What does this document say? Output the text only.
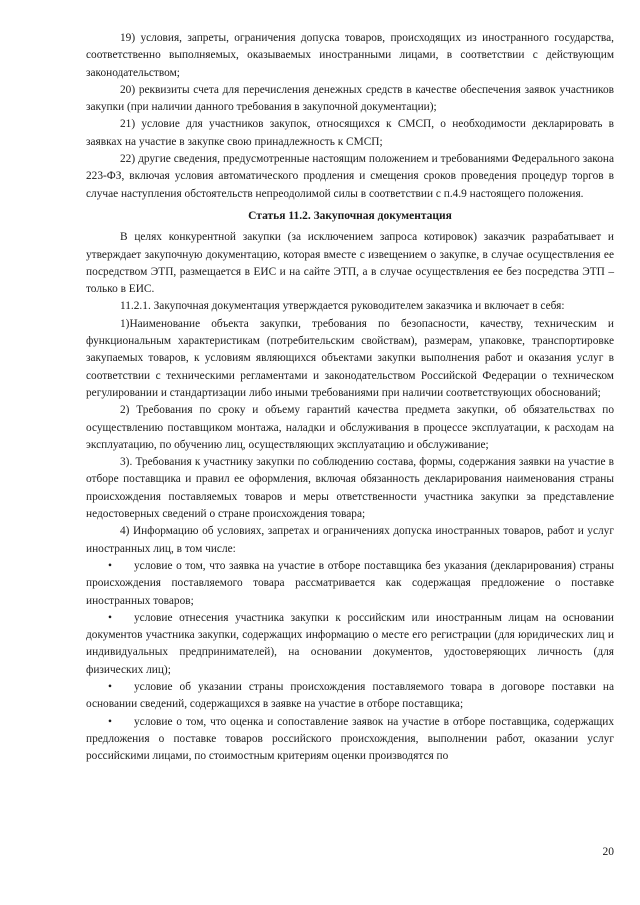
19) условия, запреты, ограничения допуска товаров, происходящих из иностранного государства, соответственно выполняемых, оказываемых иностранными лицами, в соответствии с действующим законодательством;

20) реквизиты счета для перечисления денежных средств в качестве обеспечения заявок участников закупки (при наличии данного требования в закупочной документации);

21) условие для участников закупок, относящихся к СМСП, о необходимости декларировать в заявках на участие в закупке свою принадлежность к СМСП;

22) другие сведения, предусмотренные настоящим положением и требованиями Федерального закона 223-ФЗ, включая условия автоматического продления и смещения сроков проведения процедур торгов в случае наступления обстоятельств непреодолимой силы в соответствии с п.4.9 настоящего положения.

Статья 11.2. Закупочная документация

В целях конкурентной закупки (за исключением запроса котировок) заказчик разрабатывает и утверждает закупочную документацию, которая вместе с извещением о закупке, в случае осуществления ее посредством ЭТП, размещается в ЕИС и на сайте ЭТП, а в случае осуществления ее без посредства ЭТП – только в ЕИС.

11.2.1. Закупочная документация утверждается руководителем заказчика и включает в себя:

1)Наименование объекта закупки, требования по безопасности, качеству, техническим и функциональным характеристикам (потребительским свойствам), размерам, упаковке, транспортировке закупаемых товаров, к условиям являющихся объектами закупки выполнения работ и оказания услуг в соответствии с техническими регламентами и законодательством Российской Федерации о техническом регулировании и стандартизации либо иными требованиями при наличии соответствующих обоснований;

2) Требования по сроку и объему гарантий качества предмета закупки, об обязательствах по осуществлению поставщиком монтажа, наладки и обслуживания в процессе эксплуатации, к расходам на эксплуатацию, по обучению лиц, осуществляющих эксплуатацию и обслуживание;

3). Требования к участнику закупки по соблюдению состава, формы, содержания заявки на участие в отборе поставщика и правил ее оформления, включая обязанность декларирования наименования страны происхождения поставляемых товаров и меры ответственности участника закупки за представление недостоверных сведений о стране происхождения товара;

4) Информацию об условиях, запретах и ограничениях допуска иностранных товаров, работ и услуг иностранных лиц, в том числе:

•	условие о том, что заявка на участие в отборе поставщика без указания (декларирования) страны происхождения поставляемого товара рассматривается как содержащая предложение о поставке иностранных товаров;
•	условие отнесения участника закупки к российским или иностранным лицам на основании документов участника закупки, содержащих информацию о месте его регистрации (для юридических лиц и индивидуальных предпринимателей), на основании документов, удостоверяющих личность (для физических лиц);
•	условие об указании страны происхождения поставляемого товара в договоре поставки на основании сведений, содержащихся в заявке на участие в отборе поставщика;
•	условие о том, что оценка и сопоставление заявок на участие в отборе поставщика, содержащих предложения о поставке товаров российского происхождения, выполнении работ, оказании услуг российскими лицами, по стоимостным критериям оценки производятся по
20
